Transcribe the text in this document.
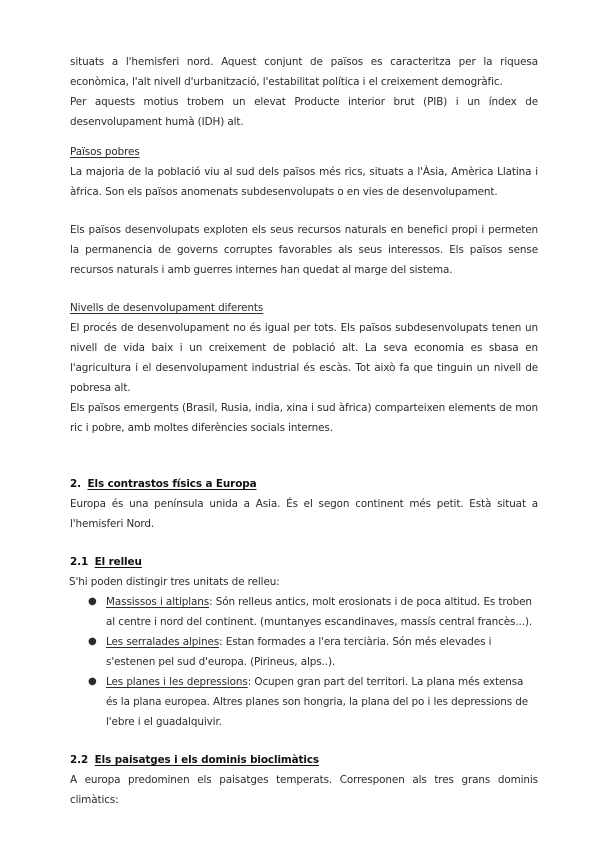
situats a l'hemisferi nord. Aquest conjunt de països es caracteritza per la riquesa econòmica, l'alt nivell d'urbanització, l'estabilitat política i el creixement demogràfic.

Per aquests motius trobem un elevat Producte interior brut (PIB) i un índex de desenvolupament humà (IDH) alt.

Països pobres

La majoria de la població viu al sud dels països més rics, situats a l'Àsia, Amèrica Llatina i àfrica. Son els països anomenats subdesenvolupats o en vies de desenvolupament.

Els països desenvolupats exploten els seus recursos naturals en benefici propi i permeten la permanencia de governs corruptes favorables als seus interessos. Els països sense recursos naturals i amb guerres internes han quedat al marge del sistema.

Nivells de desenvolupament diferents

El procés de desenvolupament no és igual per tots. Els països subdesenvolupats tenen un nivell de vida baix i un creixement de població alt. La seva economia es sbasa en l'agricultura i el desenvolupament industrial és escàs. Tot això fa que tinguin un nivell de pobresa alt.

Els països emergents (Brasil, Rusia, india, xina i sud àfrica) comparteixen elements de mon ric i pobre, amb moltes diferències socials internes.

2. Els contrastos físics a Europa

Europa és una península unida a Asia. És el segon continent més petit. Està situat a l'hemisferi Nord.

2.1 El relleu

S'hi poden distingir tres unitats de relleu:

● Massissos i altiplans: Són relleus antics, molt erosionats i de poca altitud. Es troben al centre i nord del continent. (muntanyes escandinaves, massís central francès...).
● Les serralades alpines: Estan formades a l'era terciària. Són més elevades i s'estenen pel sud d'europa. (Pirineus, alps..).
● Les planes i les depressions: Ocupen gran part del territori. La plana més extensa és la plana europea. Altres planes son hongria, la plana del po i les depressions de l'ebre i el guadalquivir.
2.2 Els paisatges i els dominis bioclimàtics

A europa predominen els paisatges temperats. Corresponen als tres grans dominis climàtics:
